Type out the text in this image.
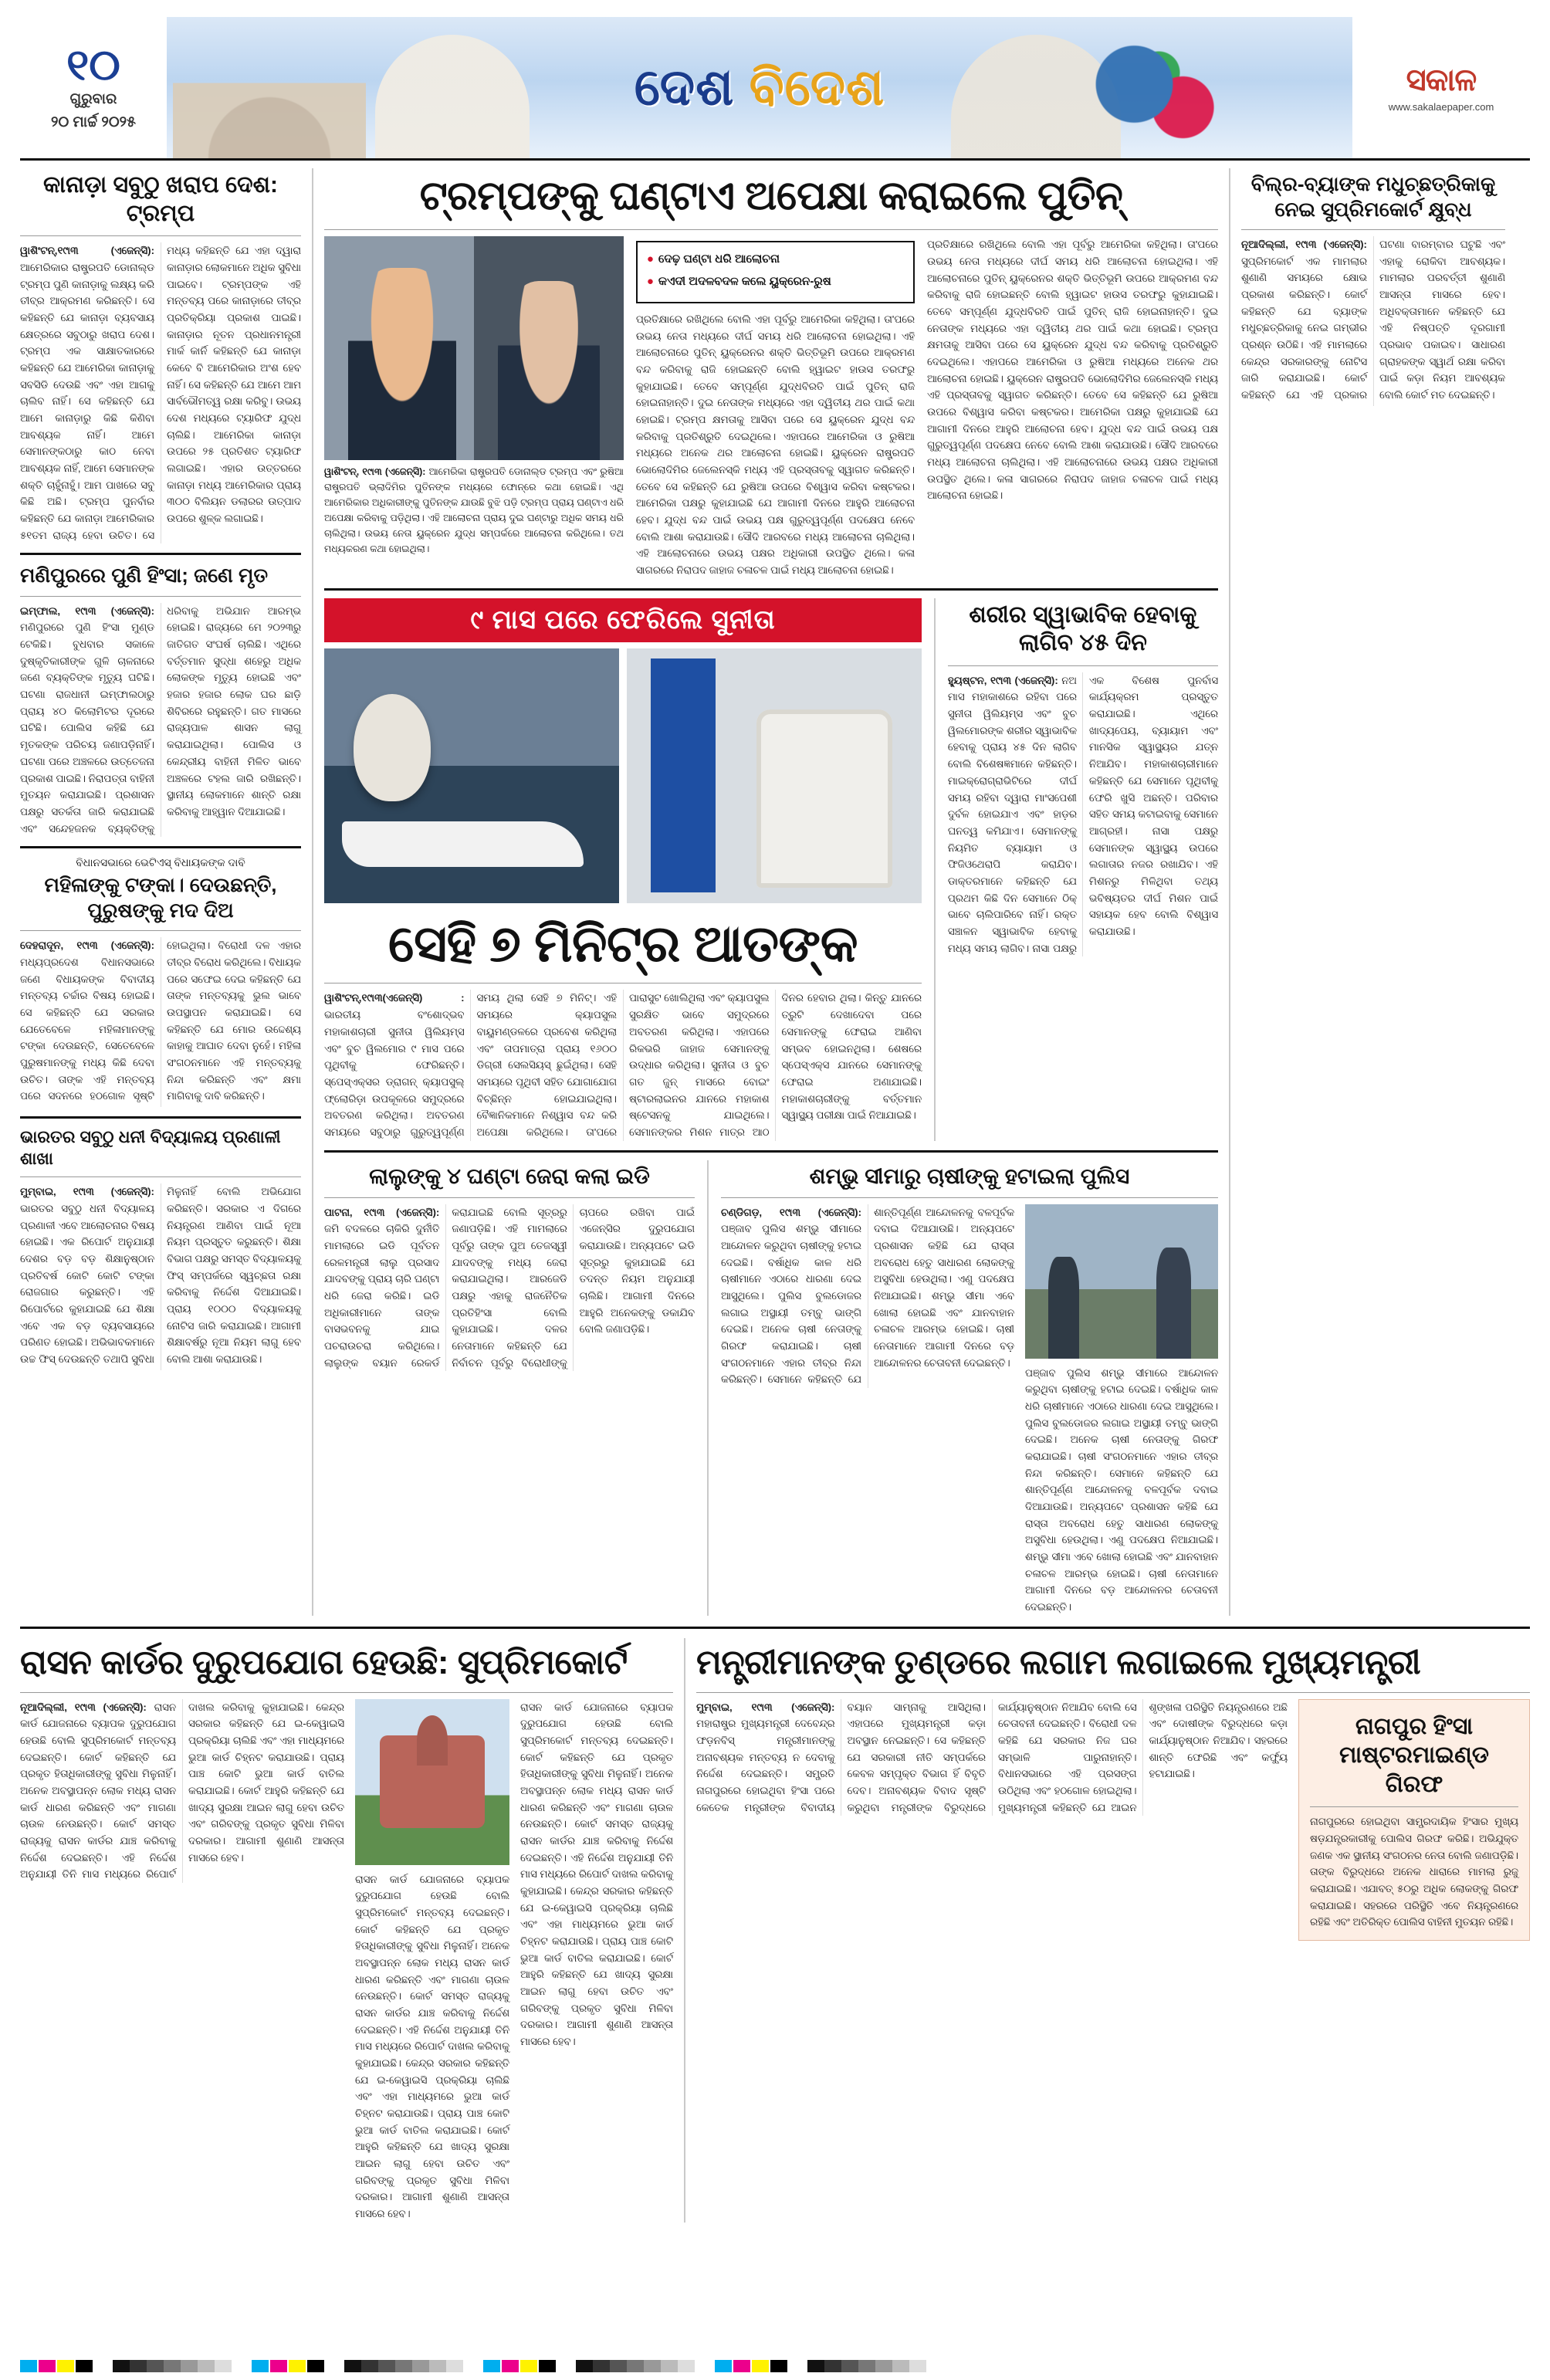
୧୦
ଗୁରୁବାର
୨୦ ମାର୍ଚ୍ଚ ୨୦୨୫
ଦେଶ ବିଦେଶ	ସକାଳ
www.sakalaepaper.com
କାନାଡ଼ା ସବୁଠୁ ଖରାପ ଦେଶ: ଟ୍ରମ୍ପ

ୱାଶିଂଟନ୍‌,୧୯ା୩ (ଏଜେନ୍ସି): ଆମେରିକାର ରାଷ୍ଟ୍ରପତି ଡୋନାଲ୍ଡ ଟ୍ରମ୍ପ ପୁଣି କାନାଡ଼ାକୁ ଲକ୍ଷ୍ୟ କରି ତୀବ୍ର ଆକ୍ରମଣ କରିଛନ୍ତି। ସେ କହିଛନ୍ତି ଯେ କାନାଡ଼ା ବ୍ୟବସାୟ କ୍ଷେତ୍ରରେ ସବୁଠାରୁ ଖରାପ ଦେଶ। ଟ୍ରମ୍ପ ଏକ ସାକ୍ଷାତକାରରେ କହିଛନ୍ତି ଯେ ଆମେରିକା କାନାଡ଼ାକୁ ସବସିଡି ଦେଉଛି ଏବଂ ଏହା ଆଗକୁ ଚାଲିବ ନାହିଁ। ସେ କହିଛନ୍ତି ଯେ ଆମେ କାନାଡ଼ାରୁ କିଛି କିଣିବା ଆବଶ୍ୟକ ନାହିଁ। ଆମେ ସେମାନଙ୍କଠାରୁ କାଠ ନେବା ଆବଶ୍ୟକ ନାହିଁ, ଆମେ ସେମାନଙ୍କ ଶକ୍ତି ଚାହୁଁନାହୁଁ। ଆମ ପାଖରେ ସବୁ କିଛି ଅଛି। ଟ୍ରମ୍ପ ପୁନର୍ବାର କହିଛନ୍ତି ଯେ କାନାଡ଼ା ଆମେରିକାର ୫୧ତମ ରାଜ୍ୟ ହେବା ଉଚିତ। ସେ ମଧ୍ୟ କହିଛନ୍ତି ଯେ ଏହା ଦ୍ୱାରା କାନାଡ଼ାର ଲୋକମାନେ ଅଧିକ ସୁବିଧା ପାଇବେ। ଟ୍ରମ୍ପଙ୍କ ଏହି ମନ୍ତବ୍ୟ ପରେ କାନାଡ଼ାରେ ତୀବ୍ର ପ୍ରତିକ୍ରିୟା ପ୍ରକାଶ ପାଇଛି। କାନାଡ଼ାର ନୂତନ ପ୍ରଧାନମନ୍ତ୍ରୀ ମାର୍କ କାର୍ନି କହିଛନ୍ତି ଯେ କାନାଡ଼ା କେବେ ବି ଆମେରିକାର ଅଂଶ ହେବ ନାହିଁ। ସେ କହିଛନ୍ତି ଯେ ଆମେ ଆମ ସାର୍ବଭୌମତ୍ୱ ରକ୍ଷା କରିବୁ। ଉଭୟ ଦେଶ ମଧ୍ୟରେ ଟ୍ୟାରିଫ ଯୁଦ୍ଧ ଚାଲିଛି। ଆମେରିକା କାନାଡ଼ା ଉପରେ ୨୫ ପ୍ରତିଶତ ଟ୍ୟାରିଫ ଲଗାଇଛି। ଏହାର ଉତ୍ତରରେ କାନାଡ଼ା ମଧ୍ୟ ଆମେରିକାର ପ୍ରାୟ ୩୦୦ ବିଲିୟନ ଡଲାରର ଉତ୍ପାଦ ଉପରେ ଶୁଳ୍କ ଲଗାଇଛି।

ମଣିପୁରରେ ପୁଣି ହିଂସା; ଜଣେ ମୃତ

ଇମ୍ଫାଲ, ୧୯ା୩ (ଏଜେନ୍ସି): ମଣିପୁରରେ ପୁଣି ହିଂସା ମୁଣ୍ଡ ଟେକିଛି। ବୁଧବାର ସକାଳେ ଦୁଷ୍କୃତିକାରୀଙ୍କ ଗୁଳି ଚାଳନାରେ ଜଣେ ବ୍ୟକ୍ତିଙ୍କ ମୃତ୍ୟୁ ଘଟିଛି। ଘଟଣା ରାଜଧାନୀ ଇମ୍ଫାଲଠାରୁ ପ୍ରାୟ ୪୦ କିଲୋମିଟର ଦୂରରେ ଘଟିଛି। ପୋଲିସ କହିଛି ଯେ ମୃତକଙ୍କ ପରିଚୟ ଜଣାପଡ଼ିନାହିଁ। ଘଟଣା ପରେ ଅଞ୍ଚଳରେ ଉତ୍ତେଜନା ପ୍ରକାଶ ପାଇଛି। ନିରାପତ୍ତା ବାହିନୀ ମୁତୟନ କରାଯାଇଛି। ପ୍ରଶାସନ ପକ୍ଷରୁ ସତର୍କତା ଜାରି କରାଯାଇଛି ଏବଂ ସନ୍ଦେହଜନକ ବ୍ୟକ୍ତିଙ୍କୁ ଧରିବାକୁ ଅଭିଯାନ ଆରମ୍ଭ ହୋଇଛି। ରାଜ୍ୟରେ ମେ ୨୦୨୩ରୁ ଜାତିଗତ ସଂଘର୍ଷ ଚାଲିଛି। ଏଥିରେ ବର୍ତ୍ତମାନ ସୁଦ୍ଧା ଶହେରୁ ଅଧିକ ଲୋକଙ୍କ ମୃତ୍ୟୁ ହୋଇଛି ଏବଂ ହଜାର ହଜାର ଲୋକ ଘର ଛାଡ଼ି ଶିବିରରେ ରହୁଛନ୍ତି। ଗତ ମାସରେ ରାଜ୍ୟପାଳ ଶାସନ ଲାଗୁ କରାଯାଇଥିଲା। ପୋଲିସ ଓ କେନ୍ଦ୍ରୀୟ ବାହିନୀ ମିଳିତ ଭାବେ ଅଞ୍ଚଳରେ ଟହଲ ଜାରି ରଖିଛନ୍ତି। ସ୍ଥାନୀୟ ଲୋକମାନେ ଶାନ୍ତି ରକ୍ଷା କରିବାକୁ ଆହ୍ୱାନ ଦିଆଯାଇଛି।

ବିଧାନସଭାରେ ଭେଟିଏସ୍‌ ବିଧାୟକଙ୍କ ଦାବି
ମହିଳାଙ୍କୁ ଟଙ୍କା। ଦେଉଛନ୍ତି, ପୁରୁଷଙ୍କୁ ମଦ ଦିଅ

ଦେହରାଦୂନ, ୧୯ା୩ (ଏଜେନ୍ସି): ମଧ୍ୟପ୍ରଦେଶ ବିଧାନସଭାରେ ଜଣେ ବିଧାୟକଙ୍କ ବିବାଦୀୟ ମନ୍ତବ୍ୟ ଚର୍ଚ୍ଚାର ବିଷୟ ହୋଇଛି। ସେ କହିଛନ୍ତି ଯେ ସରକାର ଯେତେବେଳେ ମହିଳାମାନଙ୍କୁ ଟଙ୍କା ଦେଉଛନ୍ତି, ସେତେବେଳେ ପୁରୁଷମାନଙ୍କୁ ମଧ୍ୟ କିଛି ଦେବା ଉଚିତ। ତାଙ୍କ ଏହି ମନ୍ତବ୍ୟ ପରେ ସଦନରେ ହଠଗୋଳ ସୃଷ୍ଟି ହୋଇଥିଲା। ବିରୋଧୀ ଦଳ ଏହାର ତୀବ୍ର ବିରୋଧ କରିଥିଲେ। ବିଧାୟକ ପରେ ସଫେଇ ଦେଇ କହିଛନ୍ତି ଯେ ତାଙ୍କ ମନ୍ତବ୍ୟକୁ ଭୁଲ ଭାବେ ଉପସ୍ଥାପନ କରାଯାଇଛି। ସେ କହିଛନ୍ତି ଯେ ମୋର ଉଦ୍ଦେଶ୍ୟ କାହାକୁ ଆଘାତ ଦେବା ନୁହେଁ। ମହିଳା ସଂଗଠନମାନେ ଏହି ମନ୍ତବ୍ୟକୁ ନିନ୍ଦା କରିଛନ୍ତି ଏବଂ କ୍ଷମା ମାଗିବାକୁ ଦାବି କରିଛନ୍ତି।

ଭାରତର ସବୁଠୁ ଧନୀ ବିଦ୍ୟାଳୟ ପ୍ରଣାଳୀ ଶାଖା

ମୁମ୍ବାଇ, ୧୯ା୩ (ଏଜେନ୍ସି): ଭାରତର ସବୁଠୁ ଧନୀ ବିଦ୍ୟାଳୟ ପ୍ରଣାଳୀ ଏବେ ଆଲୋଚନାର ବିଷୟ ହୋଇଛି। ଏକ ରିପୋର୍ଟ ଅନୁଯାୟୀ ଦେଶର ବଡ଼ ବଡ଼ ଶିକ୍ଷାନୁଷ୍ଠାନ ପ୍ରତିବର୍ଷ କୋଟି କୋଟି ଟଙ୍କା ରୋଜଗାର କରୁଛନ୍ତି। ଏହି ରିପୋର୍ଟରେ କୁହାଯାଇଛି ଯେ ଶିକ୍ଷା ଏବେ ଏକ ବଡ଼ ବ୍ୟବସାୟରେ ପରିଣତ ହୋଇଛି। ଅଭିଭାବକମାନେ ଉଚ୍ଚ ଫିସ୍ ଦେଉଛନ୍ତି ତଥାପି ସୁବିଧା ମିଳୁନାହିଁ ବୋଲି ଅଭିଯୋଗ କରିଛନ୍ତି। ସରକାର ଏ ଦିଗରେ ନିୟନ୍ତ୍ରଣ ଆଣିବା ପାଇଁ ନୂଆ ନିୟମ ପ୍ରସ୍ତୁତ କରୁଛନ୍ତି। ଶିକ୍ଷା ବିଭାଗ ପକ୍ଷରୁ ସମସ୍ତ ବିଦ୍ୟାଳୟକୁ ଫିସ୍ ସମ୍ପର୍କରେ ସ୍ୱଚ୍ଛତା ରକ୍ଷା କରିବାକୁ ନିର୍ଦ୍ଦେଶ ଦିଆଯାଇଛି। ପ୍ରାୟ ୧୦୦୦ ବିଦ୍ୟାଳୟକୁ ନୋଟିସ ଜାରି କରାଯାଇଛି। ଆଗାମୀ ଶିକ୍ଷାବର୍ଷରୁ ନୂଆ ନିୟମ ଲାଗୁ ହେବ ବୋଲି ଆଶା କରାଯାଉଛି।

ଟ୍ରମ୍ପଙ୍କୁ ଘଣ୍ଟାଏ ଅପେକ୍ଷା କରାଇଲେ ପୁତିନ୍
ୱାଶିଂଟନ୍‌, ୧୯ା୩ (ଏଜେନ୍ସି): ଆମେରିକା ରାଷ୍ଟ୍ରପତି ଡୋନାଲ୍ଡ ଟ୍ରମ୍ପ ଏବଂ ରୁଷିଆ ରାଷ୍ଟ୍ରପତି ଭ୍ଲାଦିମିର ପୁତିନଙ୍କ ମଧ୍ୟରେ ଫୋନ୍‌ରେ କଥା ହୋଇଛି। ଏଥି ଆମେରିକାର ଅଧିକାରୀଙ୍କୁ ପୁତିନଙ୍କ ଯାଉଛି ବୁଝି ପଡ଼ି ଟ୍ରମ୍ପ ପ୍ରାୟ ଘଣ୍ଟାଏ ଧରି ଅପେକ୍ଷା କରିବାକୁ ପଡ଼ିଥିଲା। ଏହି ଆଲୋଚନା ପ୍ରାୟ ଦୁଇ ଘଣ୍ଟାରୁ ଅଧିକ ସମୟ ଧରି ଚାଲିଥିଲା। ଉଭୟ ନେତା ୟୁକ୍ରେନ ଯୁଦ୍ଧ ସମ୍ପର୍କରେ ଆଲୋଚନା କରିଥିଲେ। ତଥ ମଧ୍ୟକରଣ କଥା ହୋଇଥିଲା।
● ଦେଢ଼ ଘଣ୍ଟା ଧରି ଆଲୋଚନା
● କଏଦୀ ଅଦଳବଦଳ କଲେ ୟୁକ୍ରେନ-ରୁଷ
ପ୍ରତିକ୍ଷାରେ ରଖିଥିଲେ ବୋଲି ଏହା ପୂର୍ବରୁ ଆମେରିକା କହିଥିଲା। ତା'ପରେ ଉଭୟ ନେତା ମଧ୍ୟରେ ଦୀର୍ଘ ସମୟ ଧରି ଆଲୋଚନା ହୋଇଥିଲା। ଏହି ଆଲୋଚନାରେ ପୁତିନ୍‌ ୟୁକ୍ରେନର ଶକ୍ତି ଭିତ୍ତିଭୂମି ଉପରେ ଆକ୍ରମଣ ବନ୍ଦ କରିବାକୁ ରାଜି ହୋଇଛନ୍ତି ବୋଲି ହ୍ୱାଇଟ ହାଉସ ତରଫରୁ କୁହାଯାଇଛି। ତେବେ ସମ୍ପୂର୍ଣ୍ଣ ଯୁଦ୍ଧବିରତି ପାଇଁ ପୁତିନ୍‌ ରାଜି ହୋଇନାହାନ୍ତି। ଦୁଇ ନେତାଙ୍କ ମଧ୍ୟରେ ଏହା ଦ୍ୱିତୀୟ ଥର ପାଇଁ କଥା ହୋଇଛି। ଟ୍ରମ୍ପ କ୍ଷମତାକୁ ଆସିବା ପରେ ସେ ୟୁକ୍ରେନ ଯୁଦ୍ଧ ବନ୍ଦ କରିବାକୁ ପ୍ରତିଶ୍ରୁତି ଦେଇଥିଲେ। ଏହାପରେ ଆମେରିକା ଓ ରୁଷିଆ ମଧ୍ୟରେ ଅନେକ ଥର ଆଲୋଚନା ହୋଇଛି। ୟୁକ୍ରେନ ରାଷ୍ଟ୍ରପତି ଭୋଲୋଦିମିର ଜେଲେନସ୍କି ମଧ୍ୟ ଏହି ପ୍ରସ୍ତାବକୁ ସ୍ୱାଗତ କରିଛନ୍ତି। ତେବେ ସେ କହିଛନ୍ତି ଯେ ରୁଷିଆ ଉପରେ ବିଶ୍ୱାସ କରିବା କଷ୍ଟକର। ଆମେରିକା ପକ୍ଷରୁ କୁହାଯାଇଛି ଯେ ଆଗାମୀ ଦିନରେ ଆହୁରି ଆଲୋଚନା ହେବ। ଯୁଦ୍ଧ ବନ୍ଦ ପାଇଁ ଉଭୟ ପକ୍ଷ ଗୁରୁତ୍ୱପୂର୍ଣ୍ଣ ପଦକ୍ଷେପ ନେବେ ବୋଲି ଆଶା କରାଯାଉଛି। ସୌଦି ଆରବରେ ମଧ୍ୟ ଆଲୋଚନା ଚାଲିଥିଲା। ଏହି ଆଲୋଚନାରେ ଉଭୟ ପକ୍ଷର ଅଧିକାରୀ ଉପସ୍ଥିତ ଥିଲେ। କଳା ସାଗରରେ ନିରାପଦ ଜାହାଜ ଚଳାଚଳ ପାଇଁ ମଧ୍ୟ ଆଲୋଚନା ହୋଇଛି।
ପ୍ରତିକ୍ଷାରେ ରଖିଥିଲେ ବୋଲି ଏହା ପୂର୍ବରୁ ଆମେରିକା କହିଥିଲା। ତା'ପରେ ଉଭୟ ନେତା ମଧ୍ୟରେ ଦୀର୍ଘ ସମୟ ଧରି ଆଲୋଚନା ହୋଇଥିଲା। ଏହି ଆଲୋଚନାରେ ପୁତିନ୍‌ ୟୁକ୍ରେନର ଶକ୍ତି ଭିତ୍ତିଭୂମି ଉପରେ ଆକ୍ରମଣ ବନ୍ଦ କରିବାକୁ ରାଜି ହୋଇଛନ୍ତି ବୋଲି ହ୍ୱାଇଟ ହାଉସ ତରଫରୁ କୁହାଯାଇଛି। ତେବେ ସମ୍ପୂର୍ଣ୍ଣ ଯୁଦ୍ଧବିରତି ପାଇଁ ପୁତିନ୍‌ ରାଜି ହୋଇନାହାନ୍ତି। ଦୁଇ ନେତାଙ୍କ ମଧ୍ୟରେ ଏହା ଦ୍ୱିତୀୟ ଥର ପାଇଁ କଥା ହୋଇଛି। ଟ୍ରମ୍ପ କ୍ଷମତାକୁ ଆସିବା ପରେ ସେ ୟୁକ୍ରେନ ଯୁଦ୍ଧ ବନ୍ଦ କରିବାକୁ ପ୍ରତିଶ୍ରୁତି ଦେଇଥିଲେ। ଏହାପରେ ଆମେରିକା ଓ ରୁଷିଆ ମଧ୍ୟରେ ଅନେକ ଥର ଆଲୋଚନା ହୋଇଛି। ୟୁକ୍ରେନ ରାଷ୍ଟ୍ରପତି ଭୋଲୋଦିମିର ଜେଲେନସ୍କି ମଧ୍ୟ ଏହି ପ୍ରସ୍ତାବକୁ ସ୍ୱାଗତ କରିଛନ୍ତି। ତେବେ ସେ କହିଛନ୍ତି ଯେ ରୁଷିଆ ଉପରେ ବିଶ୍ୱାସ କରିବା କଷ୍ଟକର। ଆମେରିକା ପକ୍ଷରୁ କୁହାଯାଇଛି ଯେ ଆଗାମୀ ଦିନରେ ଆହୁରି ଆଲୋଚନା ହେବ। ଯୁଦ୍ଧ ବନ୍ଦ ପାଇଁ ଉଭୟ ପକ୍ଷ ଗୁରୁତ୍ୱପୂର୍ଣ୍ଣ ପଦକ୍ଷେପ ନେବେ ବୋଲି ଆଶା କରାଯାଉଛି। ସୌଦି ଆରବରେ ମଧ୍ୟ ଆଲୋଚନା ଚାଲିଥିଲା। ଏହି ଆଲୋଚନାରେ ଉଭୟ ପକ୍ଷର ଅଧିକାରୀ ଉପସ୍ଥିତ ଥିଲେ। କଳା ସାଗରରେ ନିରାପଦ ଜାହାଜ ଚଳାଚଳ ପାଇଁ ମଧ୍ୟ ଆଲୋଚନା ହୋଇଛି।
୯ ମାସ ପରେ ଫେରିଲେ ସୁନୀତା
ସେହି ୭ ମିନିଟ୍‌ର ଆତଙ୍କ

ୱାଶିଂଟନ୍‌,୧୯ା୩(ଏଜେନ୍ସି) : ଭାରତୀୟ ବଂଶୋଦ୍ଭବ ମହାକାଶଚାରୀ ସୁନୀତା ୱିଲିୟମ୍ସ ଏବଂ ବୁଚ ୱିଲମୋର ୯ ମାସ ପରେ ପୃଥିବୀକୁ ଫେରିଛନ୍ତି। ସ୍ପେସ୍‌ଏକ୍ସର ଡ୍ରାଗନ୍ କ୍ୟାପସୁଲ୍ ଫ୍ଲୋରିଡ଼ା ଉପକୂଳରେ ସମୁଦ୍ରରେ ଅବତରଣ କରିଥିଲା। ଅବତରଣ ସମୟରେ ସବୁଠାରୁ ଗୁରୁତ୍ୱପୂର୍ଣ୍ଣ ସମୟ ଥିଲା ସେହି ୭ ମିନିଟ୍। ଏହି ସମୟରେ କ୍ୟାପସୁଲ ବାୟୁମଣ୍ଡଳରେ ପ୍ରବେଶ କରିଥିଲା ଏବଂ ତାପମାତ୍ରା ପ୍ରାୟ ୧୬୦୦ ଡିଗ୍ରୀ ସେଲସିୟସ୍ ଛୁଇଁଥିଲା। ସେହି ସମୟରେ ପୃଥିବୀ ସହିତ ଯୋଗାଯୋଗ ବିଚ୍ଛିନ୍ନ ହୋଇଯାଇଥିଲା। ବୈଜ୍ଞାନିକମାନେ ନିଶ୍ୱାସ ବନ୍ଦ କରି ଅପେକ୍ଷା କରିଥିଲେ। ତା'ପରେ ପାରାସୁଟ ଖୋଲିଥିଲା ଏବଂ କ୍ୟାପସୁଲ ସୁରକ୍ଷିତ ଭାବେ ସମୁଦ୍ରରେ ଅବତରଣ କରିଥିଲା। ଏହାପରେ ରିକଭରି ଜାହାଜ ସେମାନଙ୍କୁ ଉଦ୍ଧାର କରିଥିଲା। ସୁନୀତା ଓ ବୁଚ ଗତ ଜୁନ୍ ମାସରେ ବୋଇଂ ଷ୍ଟାରଲାଇନର ଯାନରେ ମହାକାଶ ଷ୍ଟେସନକୁ ଯାଇଥିଲେ। ସେମାନଙ୍କର ମିଶନ ମାତ୍ର ଆଠ ଦିନର ହେବାର ଥିଲା। କିନ୍ତୁ ଯାନରେ ତ୍ରୁଟି ଦେଖାଦେବା ପରେ ସେମାନଙ୍କୁ ଫେରାଇ ଆଣିବା ସମ୍ଭବ ହୋଇନଥିଲା। ଶେଷରେ ସ୍ପେସ୍‌ଏକ୍ସ ଯାନରେ ସେମାନଙ୍କୁ ଫେରାଇ ଅଣାଯାଇଛି। ମହାକାଶଚାରୀଙ୍କୁ ବର୍ତ୍ତମାନ ସ୍ୱାସ୍ଥ୍ୟ ପରୀକ୍ଷା ପାଇଁ ନିଆଯାଇଛି।

ଶରୀର ସ୍ୱାଭାବିକ ହେବାକୁ ଲାଗିବ ୪୫ ଦିନ

ହ୍ୟୁଷ୍ଟନ, ୧୯ା୩ (ଏଜେନ୍ସି): ନଅ ମାସ ମହାକାଶରେ ରହିବା ପରେ ସୁନୀତା ୱିଲିୟମ୍ସ ଏବଂ ବୁଚ ୱିଲମୋରଙ୍କ ଶରୀର ସ୍ୱାଭାବିକ ହେବାକୁ ପ୍ରାୟ ୪୫ ଦିନ ଲାଗିବ ବୋଲି ବିଶେଷଜ୍ଞମାନେ କହିଛନ୍ତି। ମାଇକ୍ରୋଗ୍ରାଭିଟିରେ ଦୀର୍ଘ ସମୟ ରହିବା ଦ୍ୱାରା ମାଂସପେଶୀ ଦୁର୍ବଳ ହୋଇଯାଏ ଏବଂ ହାଡ଼ର ଘନତ୍ୱ କମିଯାଏ। ସେମାନଙ୍କୁ ନିୟମିତ ବ୍ୟାୟାମ ଓ ଫିଜିଓଥେରାପି କରାଯିବ। ଡାକ୍ତରମାନେ କହିଛନ୍ତି ଯେ ପ୍ରଥମ କିଛି ଦିନ ସେମାନେ ଠିକ୍‌ ଭାବେ ଚାଲିପାରିବେ ନାହିଁ। ରକ୍ତ ସଞ୍ଚାଳନ ସ୍ୱାଭାବିକ ହେବାକୁ ମଧ୍ୟ ସମୟ ଲାଗିବ। ନାସା ପକ୍ଷରୁ ଏକ ବିଶେଷ ପୁନର୍ବାସ କାର୍ଯ୍ୟକ୍ରମ ପ୍ରସ୍ତୁତ କରାଯାଇଛି। ଏଥିରେ ଖାଦ୍ୟପେୟ, ବ୍ୟାୟାମ ଏବଂ ମାନସିକ ସ୍ୱାସ୍ଥ୍ୟର ଯତ୍ନ ନିଆଯିବ। ମହାକାଶଚାରୀମାନେ କହିଛନ୍ତି ଯେ ସେମାନେ ପୃଥିବୀକୁ ଫେରି ଖୁସି ଅଛନ୍ତି। ପରିବାର ସହିତ ସମୟ କଟାଇବାକୁ ସେମାନେ ଆଗ୍ରହୀ। ନାସା ପକ୍ଷରୁ ସେମାନଙ୍କ ସ୍ୱାସ୍ଥ୍ୟ ଉପରେ ଲଗାତାର ନଜର ରଖାଯିବ। ଏହି ମିଶନରୁ ମିଳିଥିବା ତଥ୍ୟ ଭବିଷ୍ୟତର ଦୀର୍ଘ ମିଶନ ପାଇଁ ସହାୟକ ହେବ ବୋଲି ବିଶ୍ୱାସ କରାଯାଉଛି।

ଲାଲୁଙ୍କୁ ୪ ଘଣ୍ଟା ଜେରା କଲା ଇଡି

ପାଟନା, ୧୯ା୩ (ଏଜେନ୍ସି): ଜମି ବଦଳରେ ଚାକିରି ଦୁର୍ନୀତି ମାମଲାରେ ଇଡି ପୂର୍ବତନ ରେଳମନ୍ତ୍ରୀ ଲାଲୁ ପ୍ରସାଦ ଯାଦବଙ୍କୁ ପ୍ରାୟ ଚାରି ଘଣ୍ଟା ଧରି ଜେରା କରିଛି। ଇଡି ଅଧିକାରୀମାନେ ତାଙ୍କ ବାସଭବନକୁ ଯାଇ ପଚରାଉଚରା କରିଥିଲେ। ଲାଲୁଙ୍କ ବୟାନ ରେକର୍ଡ କରାଯାଇଛି ବୋଲି ସୂତ୍ରରୁ ଜଣାପଡ଼ିଛି। ଏହି ମାମଲାରେ ପୂର୍ବରୁ ତାଙ୍କ ପୁଅ ତେଜସ୍ୱୀ ଯାଦବଙ୍କୁ ମଧ୍ୟ ଜେରା କରାଯାଇଥିଲା। ଆରଜେଡି ପକ୍ଷରୁ ଏହାକୁ ରାଜନୈତିକ ପ୍ରତିହିଂସା ବୋଲି କୁହାଯାଇଛି। ଦଳର ନେତାମାନେ କହିଛନ୍ତି ଯେ ନିର୍ବାଚନ ପୂର୍ବରୁ ବିରୋଧୀଙ୍କୁ ଚାପରେ ରଖିବା ପାଇଁ ଏଜେନ୍ସିର ଦୁରୁପଯୋଗ କରାଯାଉଛି। ଅନ୍ୟପଟେ ଇଡି ସୂତ୍ରରୁ କୁହାଯାଇଛି ଯେ ତଦନ୍ତ ନିୟମ ଅନୁଯାୟୀ ଚାଲିଛି। ଆଗାମୀ ଦିନରେ ଆହୁରି ଅନେକଙ୍କୁ ଡକାଯିବ ବୋଲି ଜଣାପଡ଼ିଛି।

ଶମ୍ଭୁ ସୀମାରୁ ଚାଷୀଙ୍କୁ ହଟାଇଲା ପୁଲିସ

ଚଣ୍ଡିଗଡ଼, ୧୯ା୩ (ଏଜେନ୍ସି): ପଞ୍ଜାବ ପୁଲିସ ଶମ୍ଭୁ ସୀମାରେ ଆନ୍ଦୋଳନ କରୁଥିବା ଚାଷୀଙ୍କୁ ହଟାଇ ଦେଇଛି। ବର୍ଷାଧିକ କାଳ ଧରି ଚାଷୀମାନେ ଏଠାରେ ଧାରଣା ଦେଇ ଆସୁଥିଲେ। ପୁଲିସ ବୁଲଡୋଜର ଲଗାଇ ଅସ୍ଥାୟୀ ତମ୍ବୁ ଭାଙ୍ଗି ଦେଇଛି। ଅନେକ ଚାଷୀ ନେତାଙ୍କୁ ଗିରଫ କରାଯାଇଛି। ଚାଷୀ ସଂଗଠନମାନେ ଏହାର ତୀବ୍ର ନିନ୍ଦା କରିଛନ୍ତି। ସେମାନେ କହିଛନ୍ତି ଯେ ଶାନ୍ତିପୂର୍ଣ୍ଣ ଆନ୍ଦୋଳନକୁ ବଳପୂର୍ବକ ଦବାଇ ଦିଆଯାଉଛି। ଅନ୍ୟପଟେ ପ୍ରଶାସନ କହିଛି ଯେ ରାସ୍ତା ଅବରୋଧ ହେତୁ ସାଧାରଣ ଲୋକଙ୍କୁ ଅସୁବିଧା ହେଉଥିଲା। ଏଣୁ ପଦକ୍ଷେପ ନିଆଯାଇଛି। ଶମ୍ଭୁ ସୀମା ଏବେ ଖୋଲା ହୋଇଛି ଏବଂ ଯାନବାହାନ ଚଳାଚଳ ଆରମ୍ଭ ହୋଇଛି। ଚାଷୀ ନେତାମାନେ ଆଗାମୀ ଦିନରେ ବଡ଼ ଆନ୍ଦୋଳନର ଚେତାବନୀ ଦେଇଛନ୍ତି।

ପଞ୍ଜାବ ପୁଲିସ ଶମ୍ଭୁ ସୀମାରେ ଆନ୍ଦୋଳନ କରୁଥିବା ଚାଷୀଙ୍କୁ ହଟାଇ ଦେଇଛି। ବର୍ଷାଧିକ କାଳ ଧରି ଚାଷୀମାନେ ଏଠାରେ ଧାରଣା ଦେଇ ଆସୁଥିଲେ। ପୁଲିସ ବୁଲଡୋଜର ଲଗାଇ ଅସ୍ଥାୟୀ ତମ୍ବୁ ଭାଙ୍ଗି ଦେଇଛି। ଅନେକ ଚାଷୀ ନେତାଙ୍କୁ ଗିରଫ କରାଯାଇଛି। ଚାଷୀ ସଂଗଠନମାନେ ଏହାର ତୀବ୍ର ନିନ୍ଦା କରିଛନ୍ତି। ସେମାନେ କହିଛନ୍ତି ଯେ ଶାନ୍ତିପୂର୍ଣ୍ଣ ଆନ୍ଦୋଳନକୁ ବଳପୂର୍ବକ ଦବାଇ ଦିଆଯାଉଛି। ଅନ୍ୟପଟେ ପ୍ରଶାସନ କହିଛି ଯେ ରାସ୍ତା ଅବରୋଧ ହେତୁ ସାଧାରଣ ଲୋକଙ୍କୁ ଅସୁବିଧା ହେଉଥିଲା। ଏଣୁ ପଦକ୍ଷେପ ନିଆଯାଇଛି। ଶମ୍ଭୁ ସୀମା ଏବେ ଖୋଲା ହୋଇଛି ଏବଂ ଯାନବାହାନ ଚଳାଚଳ ଆରମ୍ଭ ହୋଇଛି। ଚାଷୀ ନେତାମାନେ ଆଗାମୀ ଦିନରେ ବଡ଼ ଆନ୍ଦୋଳନର ଚେତାବନୀ ଦେଇଛନ୍ତି।
ବିଲ୍‌ର-ବ୍ୟାଙ୍କ ମଧୁଚ୍ଛତ୍ରିକାକୁ ନେଇ ସୁପ୍ରିମକୋର୍ଟ କ୍ଷୁବ୍ଧ

ନୂଆଦିଲ୍ଲୀ, ୧୯ା୩ (ଏଜେନ୍ସି): ସୁପ୍ରିମକୋର୍ଟ ଏକ ମାମଲାର ଶୁଣାଣି ସମୟରେ କ୍ଷୋଭ ପ୍ରକାଶ କରିଛନ୍ତି। କୋର୍ଟ କହିଛନ୍ତି ଯେ ବ୍ୟାଙ୍କ ମଧୁଚ୍ଛତ୍ରିକାକୁ ନେଇ ଗମ୍ଭୀର ପ୍ରଶ୍ନ ଉଠିଛି। ଏହି ମାମଲାରେ କେନ୍ଦ୍ର ସରକାରଙ୍କୁ ନୋଟିସ ଜାରି କରାଯାଇଛି। କୋର୍ଟ କହିଛନ୍ତି ଯେ ଏହି ପ୍ରକାର ଘଟଣା ବାରମ୍ବାର ଘଟୁଛି ଏବଂ ଏହାକୁ ରୋକିବା ଆବଶ୍ୟକ। ମାମଲାର ପରବର୍ତ୍ତୀ ଶୁଣାଣି ଆସନ୍ତା ମାସରେ ହେବ। ଅଧିବକ୍ତାମାନେ କହିଛନ୍ତି ଯେ ଏହି ନିଷ୍ପତ୍ତି ଦୂରଗାମୀ ପ୍ରଭାବ ପକାଇବ। ସାଧାରଣ ଗ୍ରାହକଙ୍କ ସ୍ୱାର୍ଥ ରକ୍ଷା କରିବା ପାଇଁ କଡ଼ା ନିୟମ ଆବଶ୍ୟକ ବୋଲି କୋର୍ଟ ମତ ଦେଇଛନ୍ତି।

ରାସନ କାର୍ଡର ଦୁରୁପଯୋଗ ହେଉଛି: ସୁପ୍ରିମକୋର୍ଟ

ନୂଆଦିଲ୍ଲୀ, ୧୯ା୩ (ଏଜେନ୍ସି): ରାସନ କାର୍ଡ ଯୋଜନାରେ ବ୍ୟାପକ ଦୁରୁପଯୋଗ ହେଉଛି ବୋଲି ସୁପ୍ରିମକୋର୍ଟ ମନ୍ତବ୍ୟ ଦେଇଛନ୍ତି। କୋର୍ଟ କହିଛନ୍ତି ଯେ ପ୍ରକୃତ ହିତାଧିକାରୀଙ୍କୁ ସୁବିଧା ମିଳୁନାହିଁ। ଅନେକ ଅବସ୍ଥାପନ୍ନ ଲୋକ ମଧ୍ୟ ରାସନ କାର୍ଡ ଧାରଣ କରିଛନ୍ତି ଏବଂ ମାଗଣା ଚାଉଳ ନେଉଛନ୍ତି। କୋର୍ଟ ସମସ୍ତ ରାଜ୍ୟକୁ ରାସନ କାର୍ଡର ଯାଞ୍ଚ କରିବାକୁ ନିର୍ଦ୍ଦେଶ ଦେଇଛନ୍ତି। ଏହି ନିର୍ଦ୍ଦେଶ ଅନୁଯାୟୀ ତିନି ମାସ ମଧ୍ୟରେ ରିପୋର୍ଟ ଦାଖଲ କରିବାକୁ କୁହାଯାଇଛି। କେନ୍ଦ୍ର ସରକାର କହିଛନ୍ତି ଯେ ଇ-କେୱାଇସି ପ୍ରକ୍ରିୟା ଚାଲିଛି ଏବଂ ଏହା ମାଧ୍ୟମରେ ଭୁଆ କାର୍ଡ ଚିହ୍ନଟ କରାଯାଉଛି। ପ୍ରାୟ ପାଞ୍ଚ କୋଟି ଭୁଆ କାର୍ଡ ବାତିଲ କରାଯାଇଛି। କୋର୍ଟ ଆହୁରି କହିଛନ୍ତି ଯେ ଖାଦ୍ୟ ସୁରକ୍ଷା ଆଇନ ଲାଗୁ ହେବା ଉଚିତ ଏବଂ ଗରିବଙ୍କୁ ପ୍ରକୃତ ସୁବିଧା ମିଳିବା ଦରକାର। ଆଗାମୀ ଶୁଣାଣି ଆସନ୍ତା ମାସରେ ହେବ।

ରାସନ କାର୍ଡ ଯୋଜନାରେ ବ୍ୟାପକ ଦୁରୁପଯୋଗ ହେଉଛି ବୋଲି ସୁପ୍ରିମକୋର୍ଟ ମନ୍ତବ୍ୟ ଦେଇଛନ୍ତି। କୋର୍ଟ କହିଛନ୍ତି ଯେ ପ୍ରକୃତ ହିତାଧିକାରୀଙ୍କୁ ସୁବିଧା ମିଳୁନାହିଁ। ଅନେକ ଅବସ୍ଥାପନ୍ନ ଲୋକ ମଧ୍ୟ ରାସନ କାର୍ଡ ଧାରଣ କରିଛନ୍ତି ଏବଂ ମାଗଣା ଚାଉଳ ନେଉଛନ୍ତି। କୋର୍ଟ ସମସ୍ତ ରାଜ୍ୟକୁ ରାସନ କାର୍ଡର ଯାଞ୍ଚ କରିବାକୁ ନିର୍ଦ୍ଦେଶ ଦେଇଛନ୍ତି। ଏହି ନିର୍ଦ୍ଦେଶ ଅନୁଯାୟୀ ତିନି ମାସ ମଧ୍ୟରେ ରିପୋର୍ଟ ଦାଖଲ କରିବାକୁ କୁହାଯାଇଛି। କେନ୍ଦ୍ର ସରକାର କହିଛନ୍ତି ଯେ ଇ-କେୱାଇସି ପ୍ରକ୍ରିୟା ଚାଲିଛି ଏବଂ ଏହା ମାଧ୍ୟମରେ ଭୁଆ କାର୍ଡ ଚିହ୍ନଟ କରାଯାଉଛି। ପ୍ରାୟ ପାଞ୍ଚ କୋଟି ଭୁଆ କାର୍ଡ ବାତିଲ କରାଯାଇଛି। କୋର୍ଟ ଆହୁରି କହିଛନ୍ତି ଯେ ଖାଦ୍ୟ ସୁରକ୍ଷା ଆଇନ ଲାଗୁ ହେବା ଉଚିତ ଏବଂ ଗରିବଙ୍କୁ ପ୍ରକୃତ ସୁବିଧା ମିଳିବା ଦରକାର। ଆଗାମୀ ଶୁଣାଣି ଆସନ୍ତା ମାସରେ ହେବ।
ରାସନ କାର୍ଡ ଯୋଜନାରେ ବ୍ୟାପକ ଦୁରୁପଯୋଗ ହେଉଛି ବୋଲି ସୁପ୍ରିମକୋର୍ଟ ମନ୍ତବ୍ୟ ଦେଇଛନ୍ତି। କୋର୍ଟ କହିଛନ୍ତି ଯେ ପ୍ରକୃତ ହିତାଧିକାରୀଙ୍କୁ ସୁବିଧା ମିଳୁନାହିଁ। ଅନେକ ଅବସ୍ଥାପନ୍ନ ଲୋକ ମଧ୍ୟ ରାସନ କାର୍ଡ ଧାରଣ କରିଛନ୍ତି ଏବଂ ମାଗଣା ଚାଉଳ ନେଉଛନ୍ତି। କୋର୍ଟ ସମସ୍ତ ରାଜ୍ୟକୁ ରାସନ କାର୍ଡର ଯାଞ୍ଚ କରିବାକୁ ନିର୍ଦ୍ଦେଶ ଦେଇଛନ୍ତି। ଏହି ନିର୍ଦ୍ଦେଶ ଅନୁଯାୟୀ ତିନି ମାସ ମଧ୍ୟରେ ରିପୋର୍ଟ ଦାଖଲ କରିବାକୁ କୁହାଯାଇଛି। କେନ୍ଦ୍ର ସରକାର କହିଛନ୍ତି ଯେ ଇ-କେୱାଇସି ପ୍ରକ୍ରିୟା ଚାଲିଛି ଏବଂ ଏହା ମାଧ୍ୟମରେ ଭୁଆ କାର୍ଡ ଚିହ୍ନଟ କରାଯାଉଛି। ପ୍ରାୟ ପାଞ୍ଚ କୋଟି ଭୁଆ କାର୍ଡ ବାତିଲ କରାଯାଇଛି। କୋର୍ଟ ଆହୁରି କହିଛନ୍ତି ଯେ ଖାଦ୍ୟ ସୁରକ୍ଷା ଆଇନ ଲାଗୁ ହେବା ଉଚିତ ଏବଂ ଗରିବଙ୍କୁ ପ୍ରକୃତ ସୁବିଧା ମିଳିବା ଦରକାର। ଆଗାମୀ ଶୁଣାଣି ଆସନ୍ତା ମାସରେ ହେବ।
ମନ୍ତ୍ରୀମାନଙ୍କ ତୁଣ୍ଡରେ ଲଗାମ ଲଗାଇଲେ ମୁଖ୍ୟମନ୍ତ୍ରୀ

ମୁମ୍ବାଇ, ୧୯ା୩ (ଏଜେନ୍ସି): ମହାରାଷ୍ଟ୍ର ମୁଖ୍ୟମନ୍ତ୍ରୀ ଦେବେନ୍ଦ୍ର ଫଡ଼ନବିସ୍ ମନ୍ତ୍ରୀମାନଙ୍କୁ ଅନାବଶ୍ୟକ ମନ୍ତବ୍ୟ ନ ଦେବାକୁ ନିର୍ଦ୍ଦେଶ ଦେଇଛନ୍ତି। ସମ୍ପ୍ରତି ନାଗପୁରରେ ହୋଇଥିବା ହିଂସା ପରେ କେତେକ ମନ୍ତ୍ରୀଙ୍କ ବିବାଦୀୟ ବୟାନ ସାମ୍ନାକୁ ଆସିଥିଲା। ଏହାପରେ ମୁଖ୍ୟମନ୍ତ୍ରୀ କଡ଼ା ଅବସ୍ଥାନ ନେଇଛନ୍ତି। ସେ କହିଛନ୍ତି ଯେ ସରକାରୀ ନୀତି ସମ୍ପର୍କରେ କେବଳ ସମ୍ପୃକ୍ତ ବିଭାଗ ହିଁ ବିବୃତି ଦେବ। ଅନାବଶ୍ୟକ ବିବାଦ ସୃଷ୍ଟି କରୁଥିବା ମନ୍ତ୍ରୀଙ୍କ ବିରୁଦ୍ଧରେ କାର୍ଯ୍ୟାନୁଷ୍ଠାନ ନିଆଯିବ ବୋଲି ସେ ଚେତାବନୀ ଦେଇଛନ୍ତି। ବିରୋଧୀ ଦଳ କହିଛି ଯେ ସରକାର ନିଜ ଘର ସମ୍ଭାଳି ପାରୁନାହାନ୍ତି। ବିଧାନସଭାରେ ଏହି ପ୍ରସଙ୍ଗ ଉଠିଥିଲା ଏବଂ ହଠଗୋଳ ହୋଇଥିଲା। ମୁଖ୍ୟମନ୍ତ୍ରୀ କହିଛନ୍ତି ଯେ ଆଇନ ଶୃଙ୍ଖଳା ପରିସ୍ଥିତି ନିୟନ୍ତ୍ରଣରେ ଅଛି ଏବଂ ଦୋଷୀଙ୍କ ବିରୁଦ୍ଧରେ କଡ଼ା କାର୍ଯ୍ୟାନୁଷ୍ଠାନ ନିଆଯିବ। ସହରରେ ଶାନ୍ତି ଫେରିଛି ଏବଂ କର୍ଫ୍ୟୁ ହଟାଯାଇଛି।

ନାଗପୁର ହିଂସା ମାଷ୍ଟରମାଇଣ୍ଡ ଗିରଫ
ନାଗପୁରରେ ହୋଇଥିବା ସାମ୍ପ୍ରଦାୟିକ ହିଂସାର ମୁଖ୍ୟ ଷଡ଼ଯନ୍ତ୍ରକାରୀକୁ ପୋଲିସ ଗିରଫ କରିଛି। ଅଭିଯୁକ୍ତ ଜଣକ ଏକ ସ୍ଥାନୀୟ ସଂଗଠନର ନେତା ବୋଲି ଜଣାପଡ଼ିଛି। ତାଙ୍କ ବିରୁଦ୍ଧରେ ଅନେକ ଧାରାରେ ମାମଲା ରୁଜୁ କରାଯାଇଛି। ଏଯାବତ୍ ୫୦ରୁ ଅଧିକ ଲୋକଙ୍କୁ ଗିରଫ କରାଯାଇଛି। ସହରରେ ପରିସ୍ଥିତି ଏବେ ନିୟନ୍ତ୍ରଣରେ ରହିଛି ଏବଂ ଅତିରିକ୍ତ ପୋଲିସ ବାହିନୀ ମୁତୟନ ରହିଛି।
